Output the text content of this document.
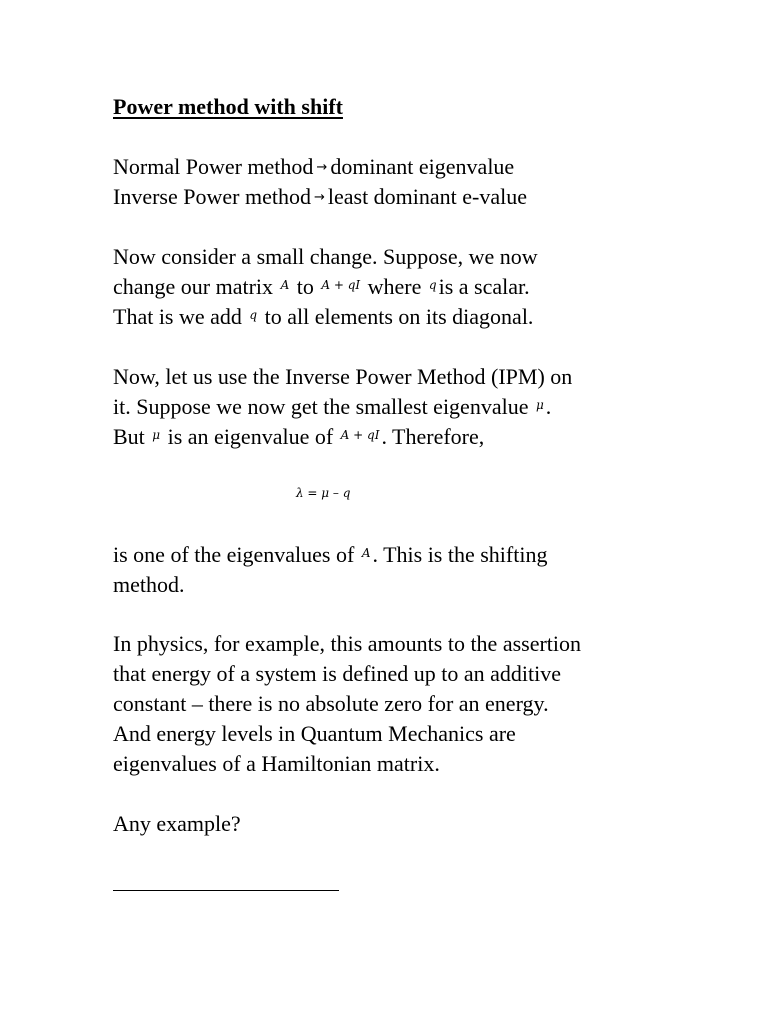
Power method with shift
Normal Power method → dominant eigenvalue
Inverse Power method → least dominant e-value
Now consider a small change. Suppose, we now
change our matrix $^A$ to $^{A + qI}$ where $^q$is a scalar.
That is we add $^q$ to all elements on its diagonal.
Now, let us use the Inverse Power Method (IPM) on
it. Suppose we now get the smallest eigenvalue $^\mu$.
But $^\mu$ is an eigenvalue of $^{A + qI}$. Therefore,
λ = μ – q
is one of the eigenvalues of $^A$. This is the shifting
method.
In physics, for example, this amounts to the assertion
that energy of a system is defined up to an additive
constant – there is no absolute zero for an energy.
And energy levels in Quantum Mechanics are
eigenvalues of a Hamiltonian matrix.
Any example?
